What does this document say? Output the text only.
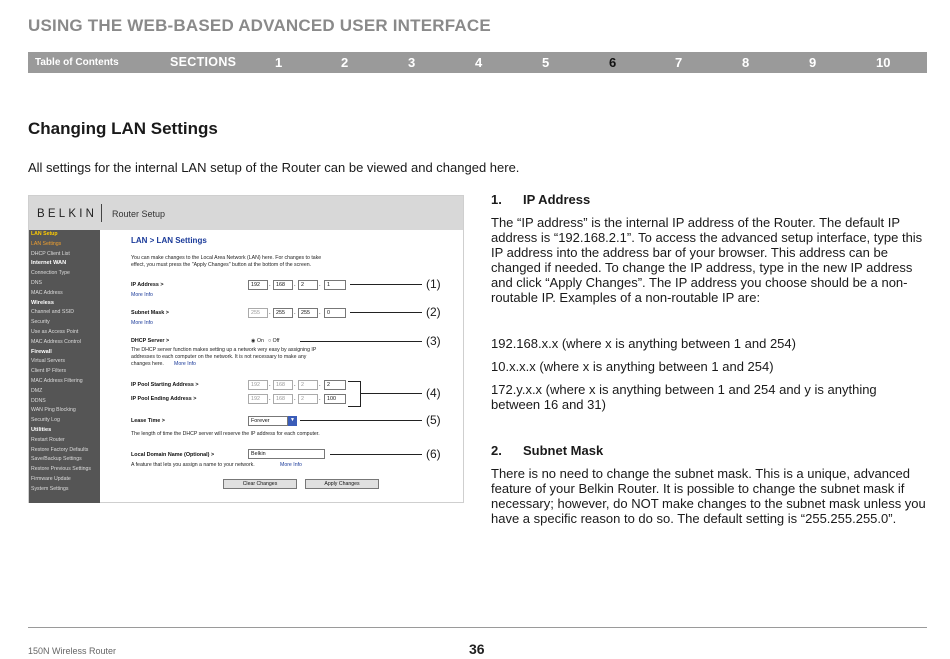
USING THE WEB-BASED ADVANCED USER INTERFACE
Table of Contents	SECTIONS	1	2	3	4	5	6	7	8	9	10
Changing LAN Settings
All settings for the internal LAN setup of the Router can be viewed and changed here.
BELKIN Router Setup
LAN Setup
LAN Settings
DHCP Client List
Internet WAN
Connection Type
DNS
MAC Address
Wireless
Channel and SSID
Security
Use as Access Point
MAC Address Control
Firewall
Virtual Servers
Client IP Filters
MAC Address Filtering
DMZ
DDNS
WAN Ping Blocking
Security Log
Utilities
Restart Router
Restore Factory Defaults
Save/Backup Settings
Restore Previous Settings
Firmware Update
System Settings
LAN > LAN Settings
You can make changes to the Local Area Network (LAN) here. For changes to take
effect, you must press the "Apply Changes" button at the bottom of the screen.
IP Address >	192	. 168	. 2	.	1
More Info
Subnet Mask >	255	. 255	. 255	.	0
More Info
DHCP Server >	◉ On ○ Off
The DHCP server function makes setting up a network very easy by assigning IP
addresses to each computer on the network. It is not necessary to make any
changes here. More Info
IP Pool Starting Address >	192	. 168	. 2	.	2
IP Pool Ending Address >	192	. 168	. 2	.	100
Lease Time >	Forever	▼
The length of time the DHCP server will reserve the IP address for each computer.
Local Domain Name (Optional) >	Belkin
A feature that lets you assign a name to your network.	More Info
Clear Changes	Apply Changes
(1)
(2)
(3)
(4)
(5)
(6)
1. IP Address
The “IP address” is the internal IP address of the Router. The default IP address is “192.168.2.1”. To access the advanced setup interface, type this IP address into the address bar of your browser. This address can be changed if needed. To change the IP address, type in the new IP address and click “Apply Changes”. The IP address you choose should be a non-routable IP. Examples of a non-routable IP are:
192.168.x.x (where x is anything between 1 and 254)
10.x.x.x (where x is anything between 1 and 254)
172.y.x.x (where x is anything between 1 and 254 and y is anything between 16 and 31)
2. Subnet Mask
There is no need to change the subnet mask. This is a unique, advanced feature of your Belkin Router. It is possible to change the subnet mask if necessary; however, do NOT make changes to the subnet mask unless you have a specific reason to do so. The default setting is “255.255.255.0”.
150N Wireless Router	36
